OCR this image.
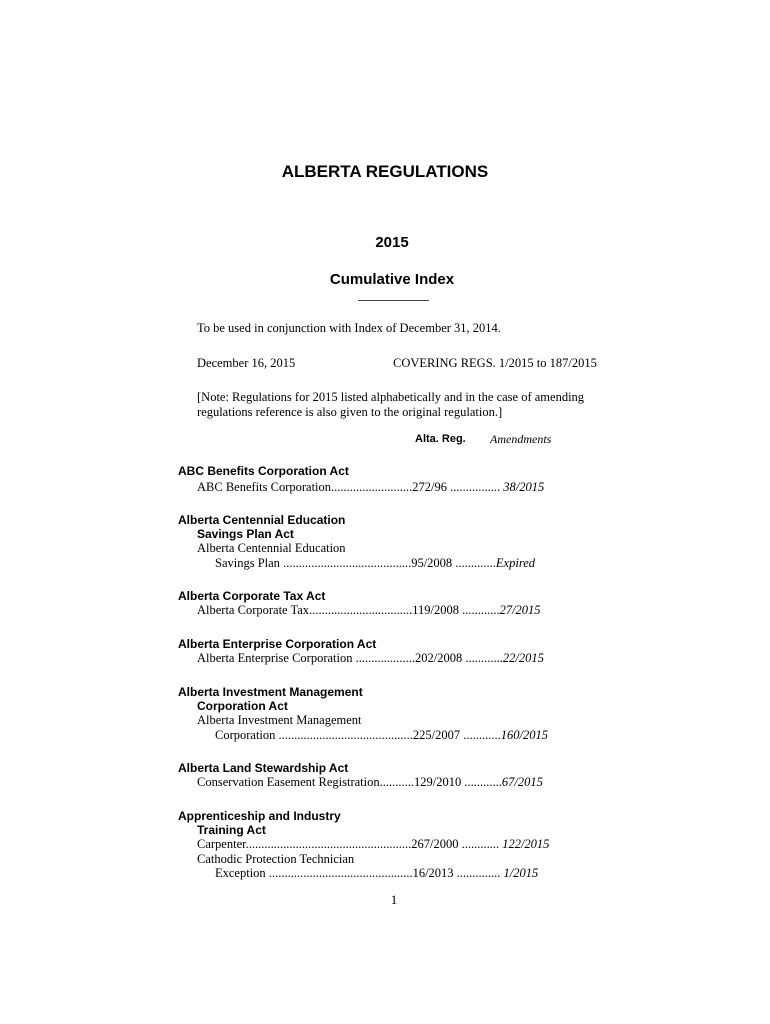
ALBERTA REGULATIONS
2015
Cumulative Index
To be used in conjunction with Index of December 31, 2014.
December 16, 2015	COVERING REGS. 1/2015 to 187/2015
[Note: Regulations for 2015 listed alphabetically and in the case of amending
regulations reference is also given to the original regulation.]
Alta. Reg. Amendments
ABC Benefits Corporation Act
ABC Benefits Corporation..........................272/96 ................ 38/2015
Alberta Centennial Education
Savings Plan Act
Alberta Centennial Education
Savings Plan .........................................95/2008 .............Expired
Alberta Corporate Tax Act
Alberta Corporate Tax.................................119/2008 ............27/2015
Alberta Enterprise Corporation Act
Alberta Enterprise Corporation ...................202/2008 ............22/2015
Alberta Investment Management
Corporation Act
Alberta Investment Management
Corporation ...........................................225/2007 ............160/2015
Alberta Land Stewardship Act
Conservation Easement Registration...........129/2010 ............67/2015
Apprenticeship and Industry
Training Act
Carpenter.....................................................267/2000 ............ 122/2015
Cathodic Protection Technician
Exception ..............................................16/2013 .............. 1/2015
1
